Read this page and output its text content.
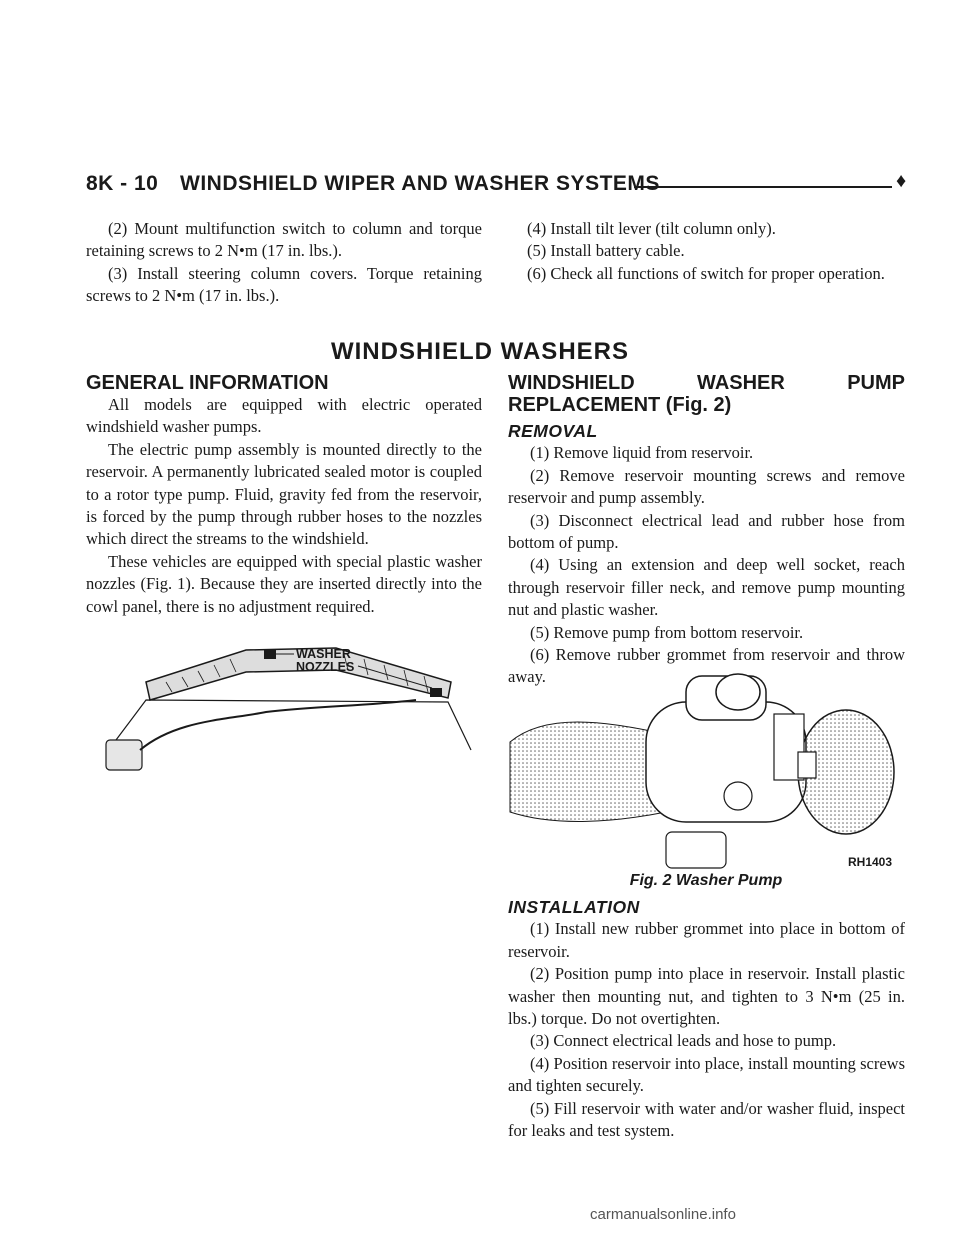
8K - 10 WINDSHIELD WIPER AND WASHER SYSTEMS	♦

(2) Mount multifunction switch to column and torque retaining screws to 2 N•m (17 in. lbs.).

(3) Install steering column covers. Torque retaining screws to 2 N•m (17 in. lbs.).

(4) Install tilt lever (tilt column only).

(5) Install battery cable.

(6) Check all functions of switch for proper operation.

WINDSHIELD WASHERS

GENERAL INFORMATION

All models are equipped with electric operated windshield washer pumps.

The electric pump assembly is mounted directly to the reservoir. A permanently lubricated sealed motor is coupled to a rotor type pump. Fluid, gravity fed from the reservoir, is forced by the pump through rubber hoses to the nozzles which direct the streams to the windshield.

These vehicles are equipped with special plastic washer nozzles (Fig. 1). Because they are inserted directly into the cowl panel, there is no adjustment required.

WASHER
NOZZLES

WINDSHIELD WASHER PUMP REPLACEMENT (Fig. 2)

REMOVAL

(1) Remove liquid from reservoir.

(2) Remove reservoir mounting screws and remove reservoir and pump assembly.

(3) Disconnect electrical lead and rubber hose from bottom of pump.

(4) Using an extension and deep well socket, reach through reservoir filler neck, and remove pump mounting nut and plastic washer.

(5) Remove pump from bottom reservoir.

(6) Remove rubber grommet from reservoir and throw away.

RH1403
Fig. 2 Washer Pump

INSTALLATION

(1) Install new rubber grommet into place in bottom of reservoir.

(2) Position pump into place in reservoir. Install plastic washer then mounting nut, and tighten to 3 N•m (25 in. lbs.) torque. Do not overtighten.

(3) Connect electrical leads and hose to pump.

(4) Position reservoir into place, install mounting screws and tighten securely.

(5) Fill reservoir with water and/or washer fluid, inspect for leaks and test system.

carmanualsonline.info
